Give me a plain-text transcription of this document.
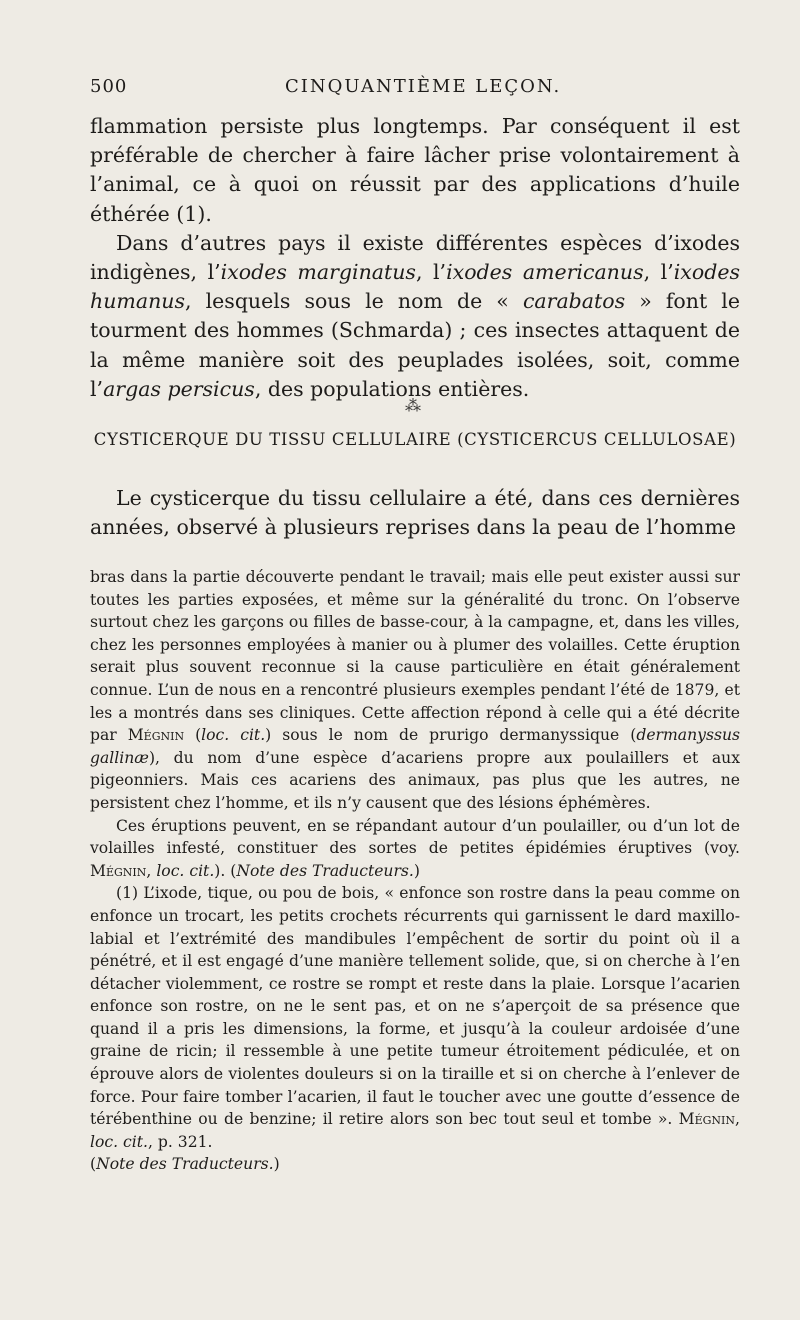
500	CINQUANTIÈME LEÇON.

flammation persiste plus longtemps. Par conséquent il est préférable de chercher à faire lâcher prise volontairement à l’animal, ce à quoi on réussit par des applications d’huile éthérée (1).

Dans d’autres pays il existe différentes espèces d’ixodes indigènes, l’ixodes marginatus, l’ixodes americanus, l’ixodes humanus, lesquels sous le nom de « carabatos » font le tourment des hommes (Schmarda) ; ces insectes attaquent de la même manière soit des peuplades isolées, soit, comme l’argas persicus, des populations entières.

⁂
CYSTICERQUE DU TISSU CELLULAIRE (CYSTICERCUS CELLULOSAE)

Le cysticerque du tissu cellulaire a été, dans ces dernières années, observé à plusieurs reprises dans la peau de l’homme

bras dans la partie découverte pendant le travail; mais elle peut exister aussi sur toutes les parties exposées, et même sur la généralité du tronc. On l’observe surtout chez les garçons ou filles de basse-cour, à la campagne, et, dans les villes, chez les personnes employées à manier ou à plumer des volailles. Cette éruption serait plus souvent reconnue si la cause particulière en était généralement connue. L’un de nous en a rencontré plusieurs exemples pendant l’été de 1879, et les a montrés dans ses cliniques. Cette affection répond à celle qui a été décrite par Mégnin (loc. cit.) sous le nom de prurigo dermanyssique (dermanyssus gallinæ), du nom d’une espèce d’acariens propre aux poulaillers et aux pigeonniers. Mais ces acariens des animaux, pas plus que les autres, ne persistent chez l’homme, et ils n’y causent que des lésions éphémères.

Ces éruptions peuvent, en se répandant autour d’un poulailler, ou d’un lot de volailles infesté, constituer des sortes de petites épidémies éruptives (voy. Mégnin, loc. cit.). (Note des Traducteurs.)

(1) L’ixode, tique, ou pou de bois, « enfonce son rostre dans la peau comme on enfonce un trocart, les petits crochets récurrents qui garnissent le dard maxillo-labial et l’extrémité des mandibules l’empêchent de sortir du point où il a pénétré, et il est engagé d’une manière tellement solide, que, si on cherche à l’en détacher violemment, ce rostre se rompt et reste dans la plaie. Lorsque l’acarien enfonce son rostre, on ne le sent pas, et on ne s’aperçoit de sa présence que quand il a pris les dimensions, la forme, et jusqu’à la couleur ardoisée d’une graine de ricin; il ressemble à une petite tumeur étroitement pédiculée, et on éprouve alors de violentes douleurs si on la tiraille et si on cherche à l’enlever de force. Pour faire tomber l’acarien, il faut le toucher avec une goutte d’essence de térébenthine ou de benzine; il retire alors son bec tout seul et tombe ». Mégnin, loc. cit., p. 321.
(Note des Traducteurs.)
